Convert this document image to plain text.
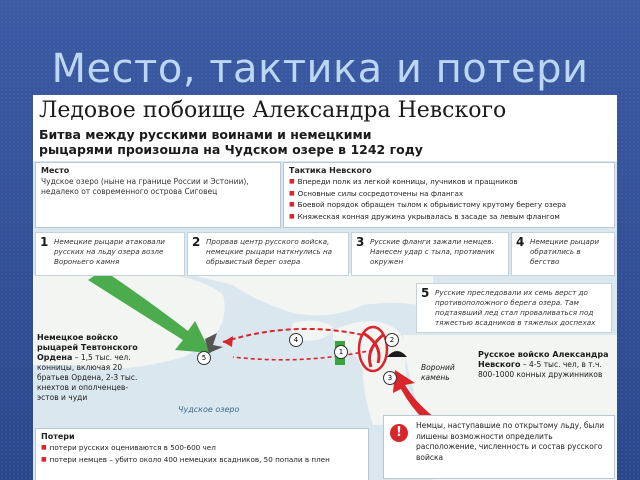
Место, тактика и потери
1
2
3
4
5
Ледовое побоище Александра Невского
Битва между русскими воинами и немецкими рыцарями произошла на Чудском озере в 1242 году
Место
Чудское озеро (ныне на границе России и Эстонии), недалеко от современного острова Сиговец
Тактика Невского
■ Впереди полк из легкой конницы, лучников и пращников
■ Основные силы сосредоточены на флангах
■ Боевой порядок обращен тылом к обрывистому крутому берегу озера
■ Княжеская конная дружина укрывалась в засаде за левым флангом
1 Немецкие рыцари атаковали русских на льду озера возле Вороньего камня
2 Прорвав центр русского войска, немецкие рыцари наткнулись на обрывистый берег озера
3 Русские фланги зажали немцев. Нанесен удар с тыла, противник окружен
4 Немецкие рыцари обратились в бегство
5 Русские преследовали их семь верст до противоположного берега озера. Там подтаявший лед стал проваливаться под тяжестью всадников в тяжелых доспехах
Немецкое войско рыцарей Тевтонского Ордена – 1,5 тыс. чел. конницы, включая 20 братьев Ордена, 2-3 тыс. кнехтов и ополченцев-эстов и чуди
Русское войско Александра Невского – 4-5 тыс. чел, в т.ч. 800-1000 конных дружинников
Вороний камень
Чудское озеро
Потери
■ потери русских оцениваются в 500-600 чел
■ потери немцев – убито около 400 немецких всадников, 50 попали в плен
!	Немцы, наступавшие по открытому льду, были лишены возможности определить расположение, численность и состав русского войска
